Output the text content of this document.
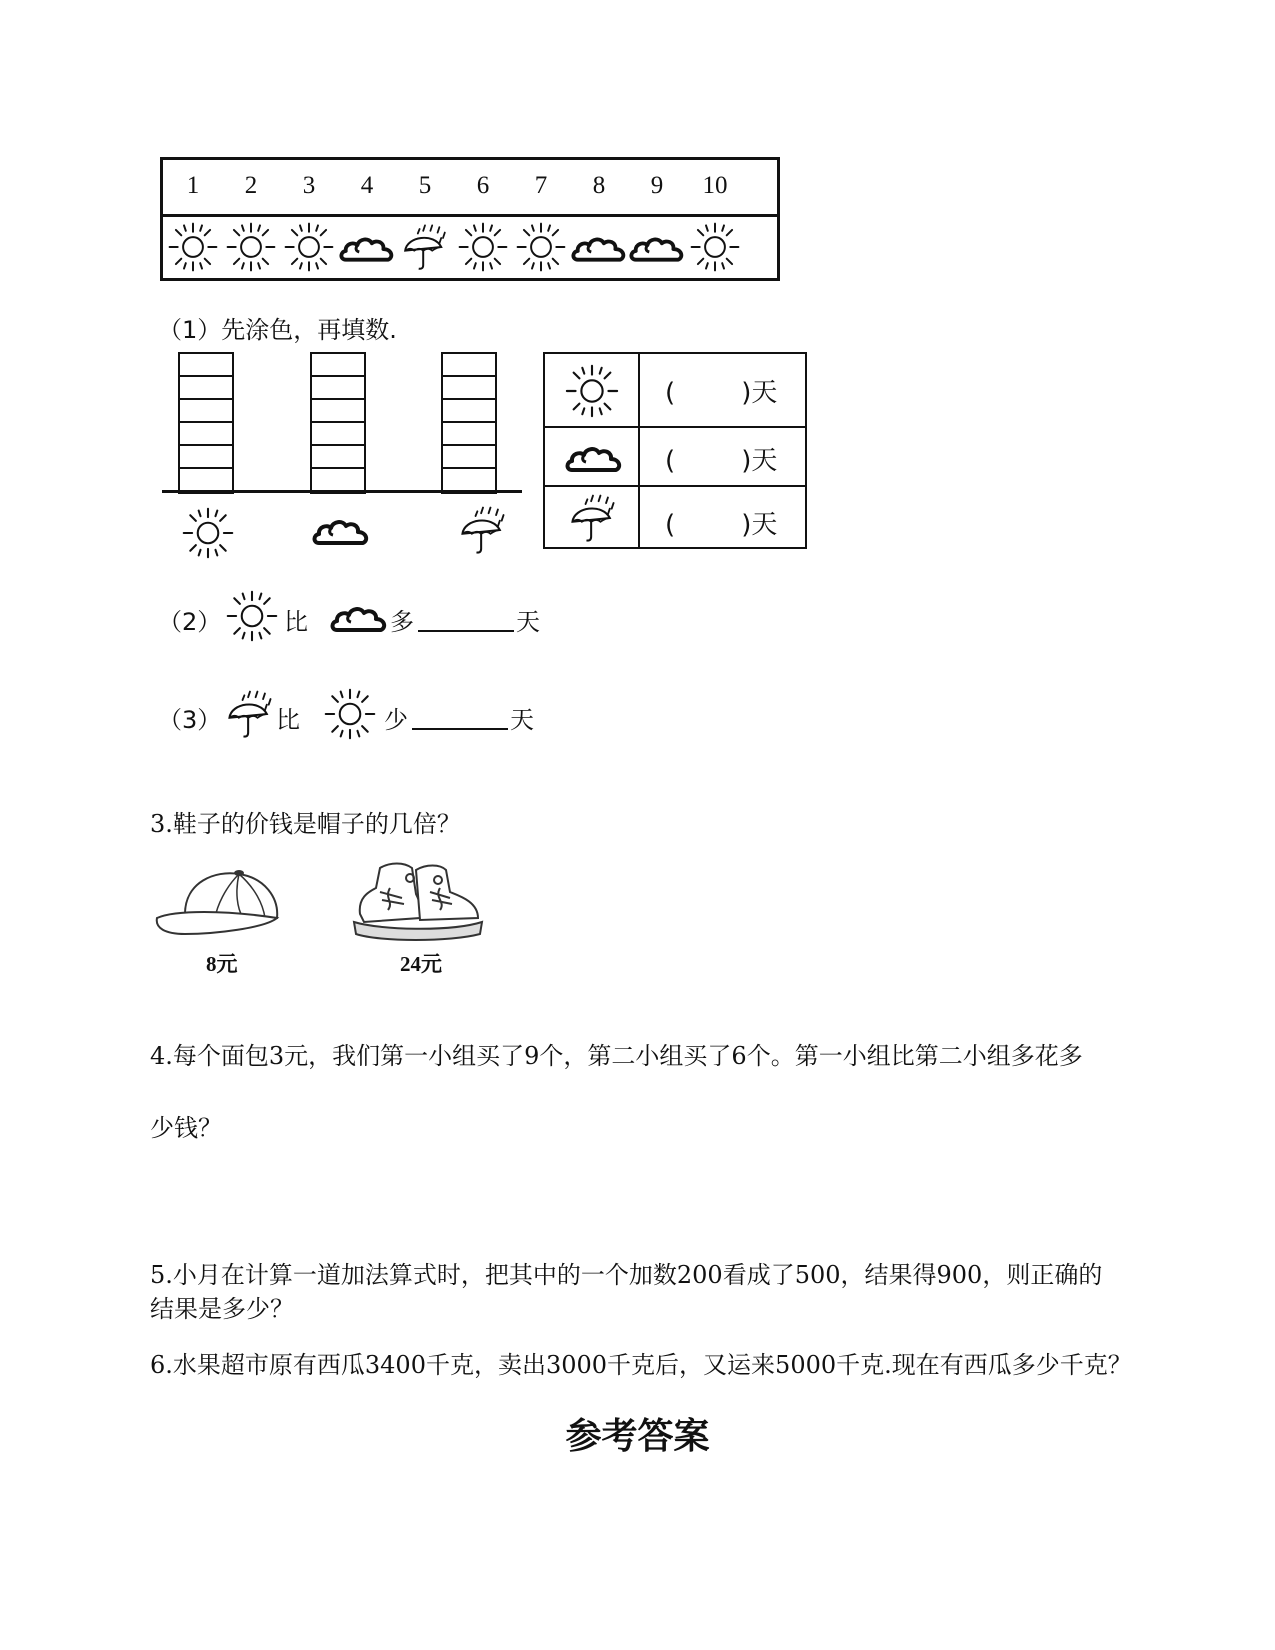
1	2	3	4	5	6	7	8	9	10
（1）先涂色，再填数.
(        )天
(        )天
(        )天
（2）	比	多	天
（3） 比	少	天
3.鞋子的价钱是帽子的几倍？
8元	24元
4.每个面包3元，我们第一小组买了9个，第二小组买了6个。第一小组比第二小组多花多
少钱？
5.小月在计算一道加法算式时，把其中的一个加数200看成了500，结果得900，则正确的
结果是多少？
6.水果超市原有西瓜3400千克，卖出3000千克后，又运来5000千克.现在有西瓜多少千克？
参考答案
